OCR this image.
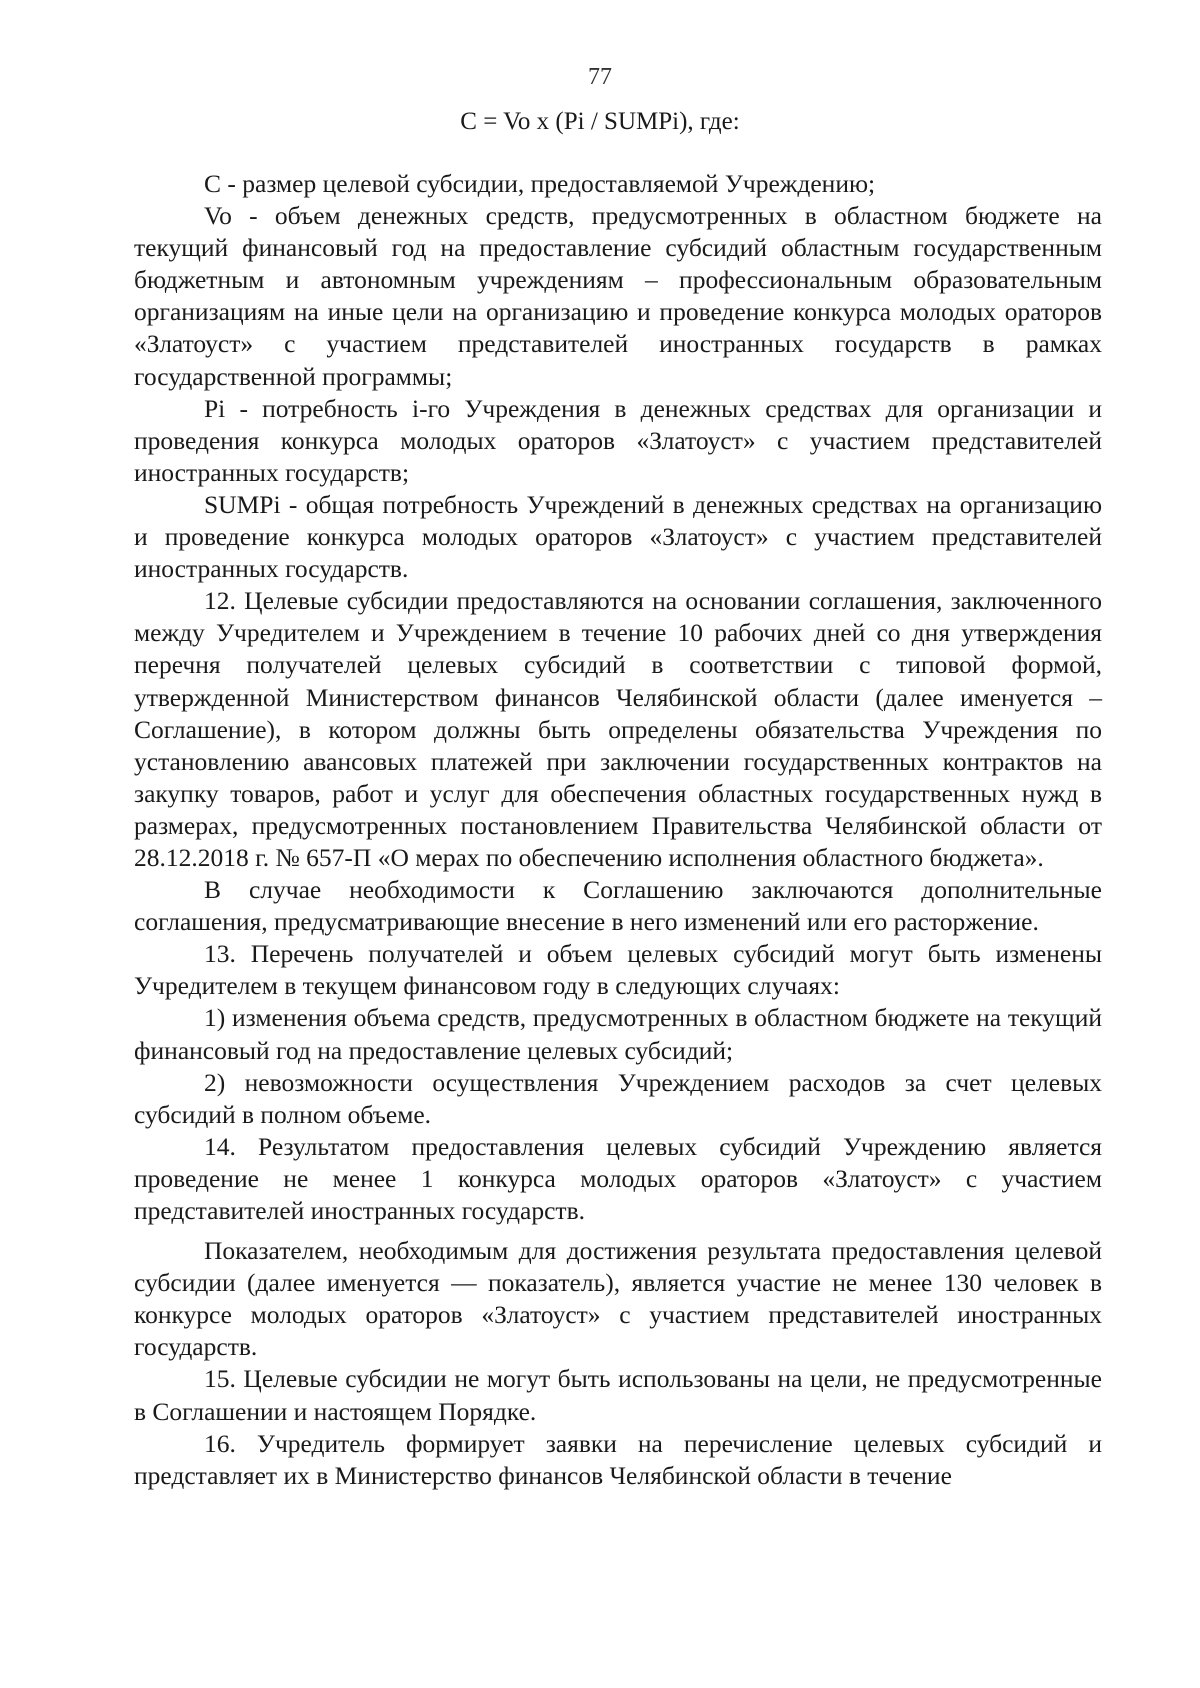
77
C = Vo x (Pi / SUMPi), где:

С - размер целевой субсидии, предоставляемой Учреждению;

Vo - объем денежных средств, предусмотренных в областном бюджете на текущий финансовый год на предоставление субсидий областным государственным бюджетным и автономным учреждениям – профессиональным образовательным организациям на иные цели на организацию и проведение конкурса молодых ораторов «Златоуст» с участием представителей иностранных государств в рамках государственной программы;

Pi - потребность i-го Учреждения в денежных средствах для организации и проведения конкурса молодых ораторов «Златоуст» с участием представителей иностранных государств;

SUMPi - общая потребность Учреждений в денежных средствах на организацию и проведение конкурса молодых ораторов «Златоуст» с участием представителей иностранных государств.

12. Целевые субсидии предоставляются на основании соглашения, заключенного между Учредителем и Учреждением в течение 10 рабочих дней со дня утверждения перечня получателей целевых субсидий в соответствии с типовой формой, утвержденной Министерством финансов Челябинской области (далее именуется – Соглашение), в котором должны быть определены обязательства Учреждения по установлению авансовых платежей при заключении государственных контрактов на закупку товаров, работ и услуг для обеспечения областных государственных нужд в размерах, предусмотренных постановлением Правительства Челябинской области от 28.12.2018 г. № 657-П «О мерах по обеспечению исполнения областного бюджета».

В случае необходимости к Соглашению заключаются дополнительные соглашения, предусматривающие внесение в него изменений или его расторжение.

13. Перечень получателей и объем целевых субсидий могут быть изменены Учредителем в текущем финансовом году в следующих случаях:

1) изменения объема средств, предусмотренных в областном бюджете на текущий финансовый год на предоставление целевых субсидий;

2) невозможности осуществления Учреждением расходов за счет целевых субсидий в полном объеме.

14. Результатом предоставления целевых субсидий Учреждению является проведение не менее 1 конкурса молодых ораторов «Златоуст» с участием представителей иностранных государств.

Показателем, необходимым для достижения результата предоставления целевой субсидии (далее именуется — показатель), является участие не менее 130 человек в конкурсе молодых ораторов «Златоуст» с участием представителей иностранных государств.

15. Целевые субсидии не могут быть использованы на цели, не предусмотренные в Соглашении и настоящем Порядке.

16. Учредитель формирует заявки на перечисление целевых субсидий и представляет их в Министерство финансов Челябинской области в течение
